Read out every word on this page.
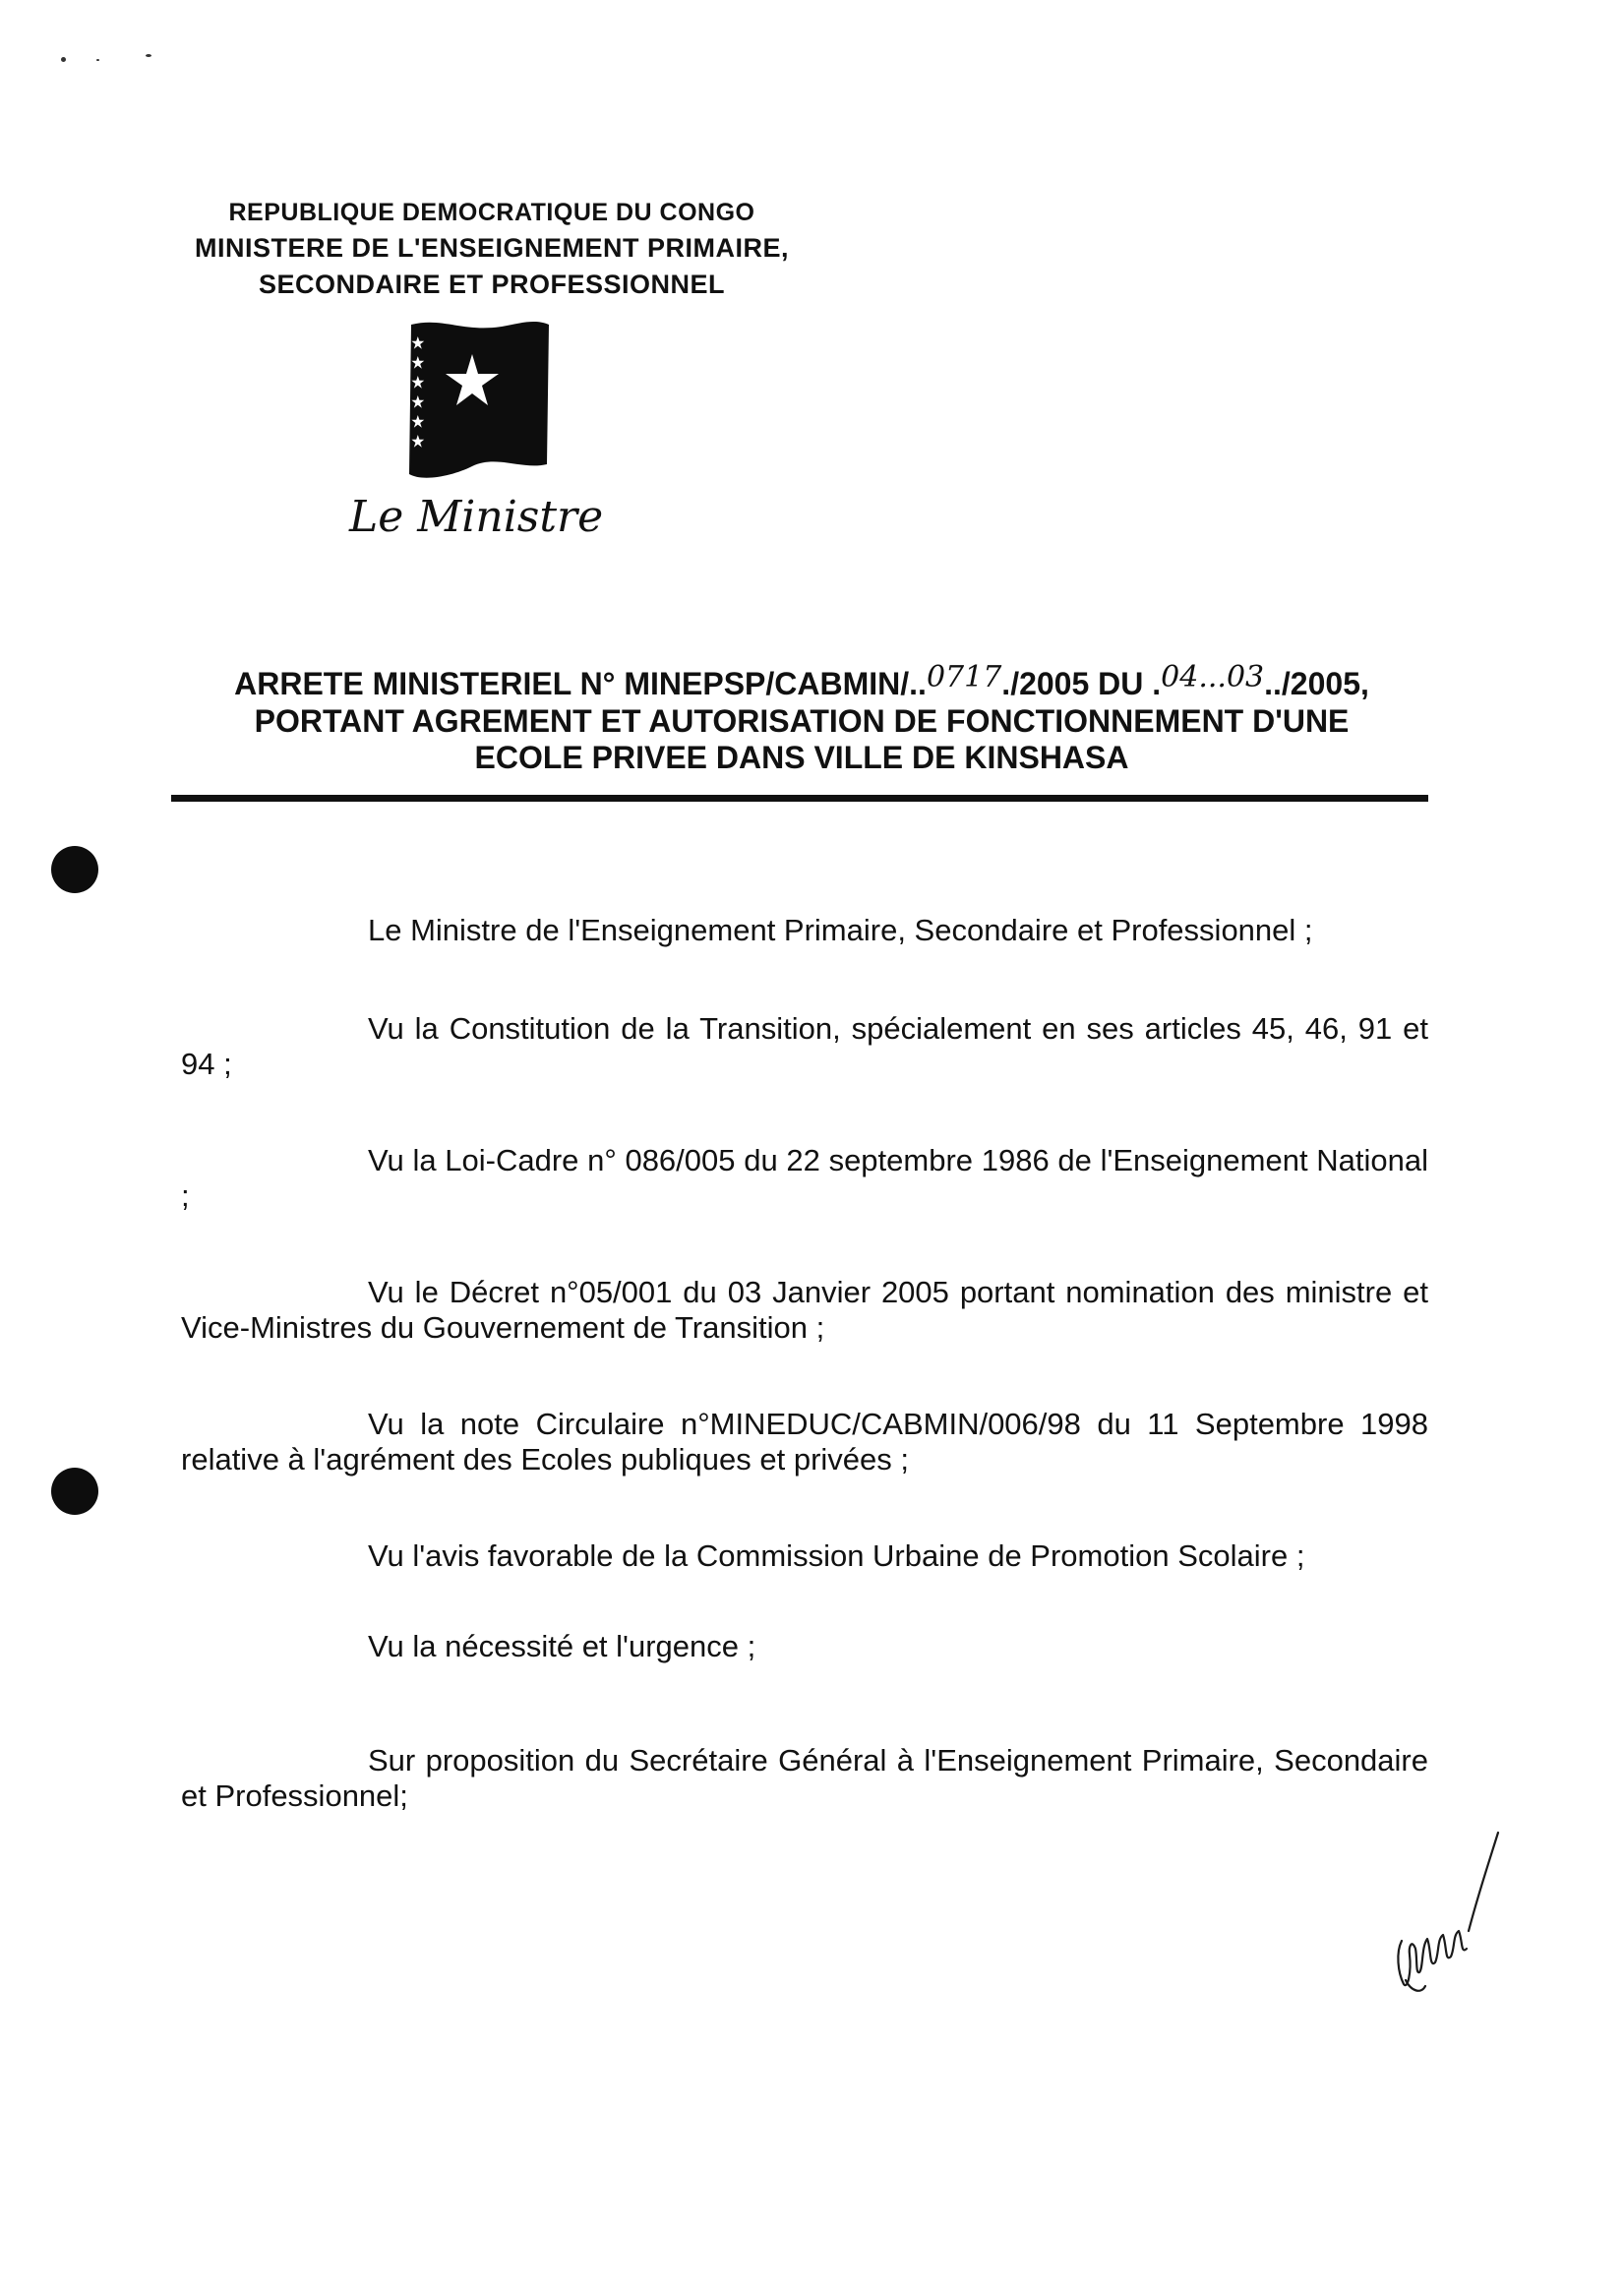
REPUBLIQUE DEMOCRATIQUE DU CONGO
MINISTERE DE L'ENSEIGNEMENT PRIMAIRE,
SECONDAIRE ET PROFESSIONNEL
Le Ministre
ARRETE MINISTERIEL N° MINEPSP/CABMIN/..0717./2005 DU .04...03../2005,
PORTANT AGREMENT ET AUTORISATION DE FONCTIONNEMENT D'UNE
ECOLE PRIVEE DANS VILLE DE KINSHASA
Le Ministre de l'Enseignement Primaire, Secondaire et Professionnel ;
Vu la Constitution de la Transition, spécialement en ses articles 45, 46, 91 et 94 ;
Vu la Loi-Cadre n° 086/005 du 22 septembre 1986 de l'Enseignement National ;
Vu le Décret n°05/001 du 03 Janvier 2005 portant nomination des ministre et Vice-Ministres du Gouvernement de Transition ;
Vu la note Circulaire n°MINEDUC/CABMIN/006/98 du 11 Septembre 1998 relative à l'agrément des Ecoles publiques et privées ;
Vu l'avis favorable de la Commission Urbaine de Promotion Scolaire ;
Vu la nécessité et l'urgence ;
Sur proposition du Secrétaire Général à l'Enseignement Primaire, Secondaire et Professionnel;
